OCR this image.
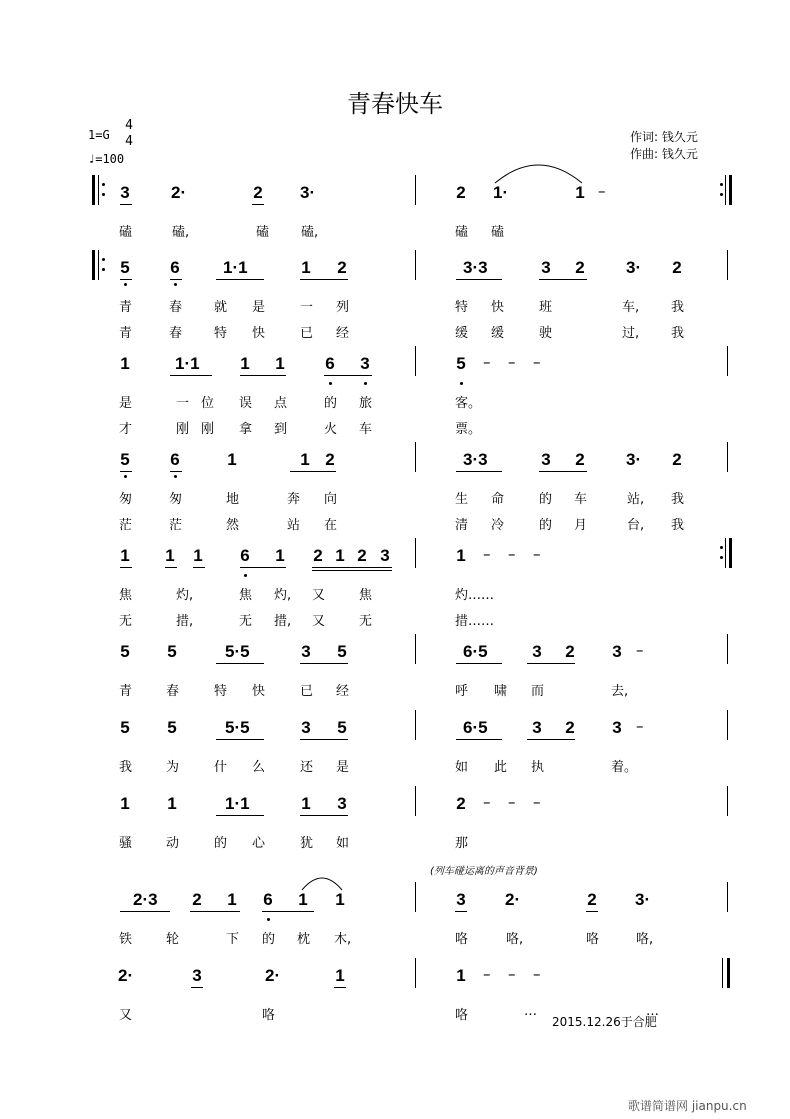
青春快车
1=G
4
4
♩=100
作词: 钱久元
作曲: 钱久元
3 2·	2 3·	2 1·	1 –
磕	磕,	磕 磕,	磕 磕
5 6	1·1	1 2	3·3	3 2 3· 2
青	春 就 是	一 列	特 快	班	车, 我
青	春 特 快	已 经	缓 缓	驶	过, 我
1	1·1 1 1 6 3	5 – – –
是	一 位 误 点	的 旅	客。
才	刚 刚 拿 到	火 车	票。
5 6	1	1 2	3·3	3 2 3· 2
匆	匆	地	奔 向	生 命	的 车	站, 我
茫	茫	然	站 在	清 冷	的 月	台, 我
1 1 1 6 1 2 1 2 3	1 – – –
焦	灼,	焦 灼, 又	焦	灼……
无	措,	无 措, 又	无	措……
5 5	5·5	3 5	6·5	3 2 3 –
青	春	特 快	已 经	呼 啸 而	去,
5 5	5·5	3 5	6·5	3 2 3 –
我	为	什 么	还 是	如 此 执	着。
1 1	1·1	1 3	2 – – –
骚	动	的 心	犹 如	那
2·3 2 1 6 1 1	3 2·	2 3·
铁	轮	下 的 枕 木,	咯	咯,	咯	咯,
2·	3	2·	1	1 – – –
又	咯	咯	…	…
(列车碰运离的声音背景)
2015.12.26于合肥
歌谱简谱网 jianpu.cn
